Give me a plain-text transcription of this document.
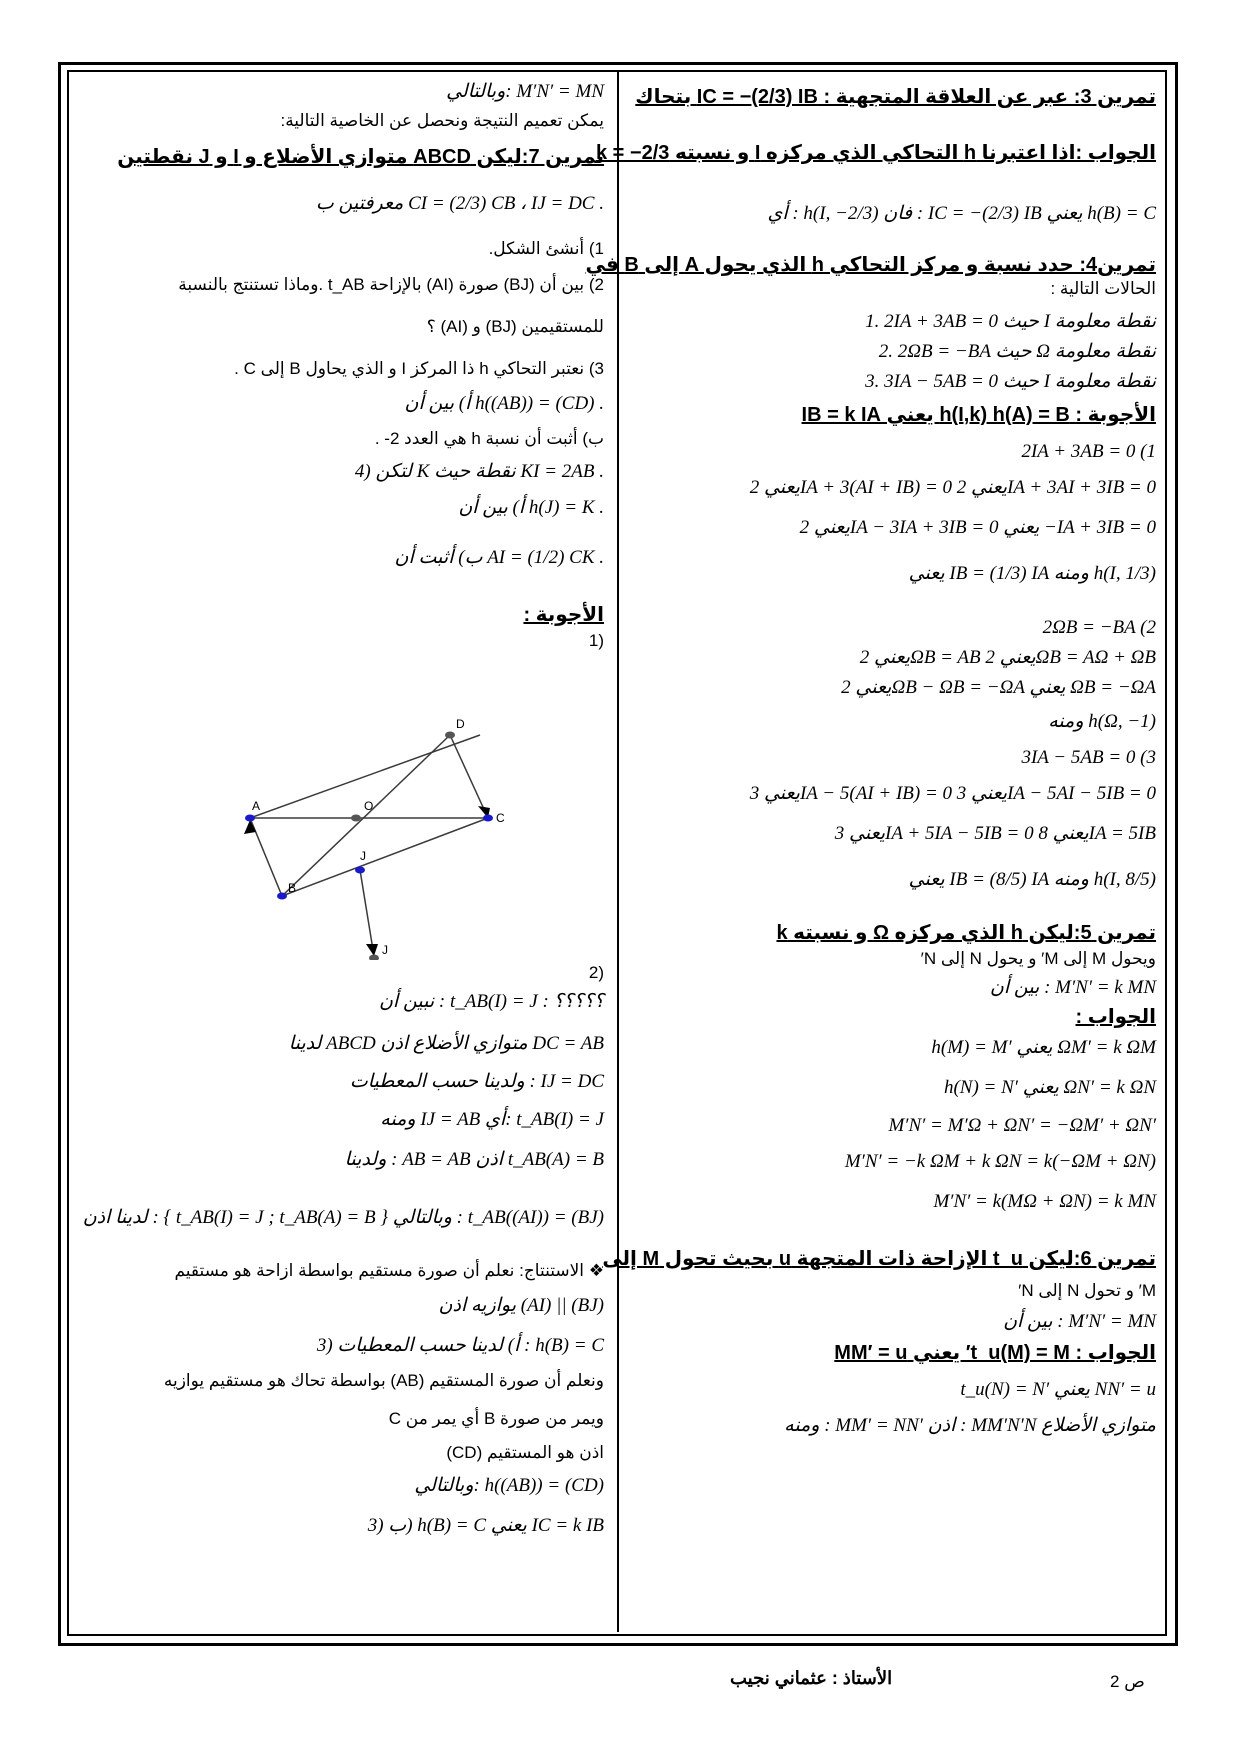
تمرين 3: عبر عن العلاقة المتجهية : IC = −(2/3) IB بتحاك
الجواب :اذا اعتبرنا h التحاكي الذي مركزه I و نسبته k = −2/3
أي : h(I, −2/3) فان : IC = −(2/3) IB يعني h(B) = C
تمرين4: حدد نسبة و مركز التحاكي h الذي يحول A إلى B في
الحالات التالية :
1. 2IA + 3AB = 0 حيث I نقطة معلومة
2. 2ΩB = −BA حيث Ω نقطة معلومة
3. 3IA − 5AB = 0 حيث I نقطة معلومة
الأجوبة : h(I,k) h(A) = B يعني IB = k IA
2IA + 3AB = 0 (1
يعني 2IA + 3(AI + IB) = 0 يعني 2IA + 3AI + 3IB = 0
يعني 2IA − 3IA + 3IB = 0 يعني −IA + 3IB = 0
يعني IB = (1/3) IA ومنه h(I, 1/3)
2ΩB = −BA (2
يعني 2ΩB = AB يعني 2ΩB = AΩ + ΩB
يعني 2ΩB − ΩB = −ΩA يعني ΩB = −ΩA
ومنه h(Ω, −1)
3IA − 5AB = 0 (3
يعني 3IA − 5(AI + IB) = 0 يعني 3IA − 5AI − 5IB = 0
يعني 3IA + 5IA − 5IB = 0 يعني 8IA = 5IB
يعني IB = (8/5) IA ومنه h(I, 8/5)
تمرين 5:ليكن h الذي مركزه Ω و نسبته k
ويحول M إلى M′ و يحول N إلى N′
بين أن : M′N′ = k MN
الجواب :
h(M) = M′ يعني ΩM′ = k ΩM
h(N) = N′ يعني ΩN′ = k ΩN
M′N′ = M′Ω + ΩN′ = −ΩM′ + ΩN′
M′N′ = −k ΩM + k ΩN = k(−ΩM + ΩN)
M′N′ = k(MΩ + ΩN) = k MN
تمرين 6:ليكن t_u الإزاحة ذات المتجهة u بحيث تحول M إلى
M′ و تحول N إلى N′
بين أن : M′N′ = MN
الجواب : t_u(M) = M′ يعني MM′ = u
t_u(N) = N′ يعني NN′ = u
ومنه : MM′ = NN′ اذن : MM′N′N متوازي الأضلاع
وبالتالي: M′N′ = MN
يمكن تعميم النتيجة ونحصل عن الخاصية التالية:
تمرين 7:ليكن ABCD متوازي الأضلاع و I و J نقطتين
معرفتين ب CI = (2/3) CB ، IJ = DC .
1) أنشئ الشكل.
2) بين أن (BJ) صورة (AI) بالإزاحة t_AB .وماذا تستنتج بالنسبة
للمستقيمين (BJ) و (AI) ؟
3) نعتبر التحاكي h ذا المركز I و الذي يحاول B إلى C .
أ) بين أن h((AB)) = (CD) .
ب) أثبت أن نسبة h هي العدد 2- .
4) لتكن K نقطة حيث KI = 2AB .
أ) بين أن h(J) = K .
ب) أثبت أن AI = (1/2) CK .
الأجوبة :
(1
(2
نبين أن : t_AB(I) = J : ؟؟؟؟؟
لدينا ABCD متوازي الأضلاع اذن DC = AB
ولدينا حسب المعطيات : IJ = DC
ومنه IJ = AB أي: t_AB(I) = J
ولدينا : AB = AB اذن t_AB(A) = B
لدينا اذن : { t_AB(I) = J ; t_AB(A) = B } وبالتالي : t_AB((AI)) = (BJ)
❖ الاستنتاج: نعلم أن صورة مستقيم بواسطة ازاحة هو مستقيم
يوازيه اذن (AI) || (BJ)
3) أ) لدينا حسب المعطيات : h(B) = C
ونعلم أن صورة المستقيم (AB) بواسطة تحاك هو مستقيم يوازيه
ويمر من صورة B أي يمر من C
اذن هو المستقيم (CD)
وبالتالي: h((AB)) = (CD)
3) ب) h(B) = C يعني IC = k IB
D
A	O
C
J
B
J
ص 2
الأستاذ : عثماني نجيب
